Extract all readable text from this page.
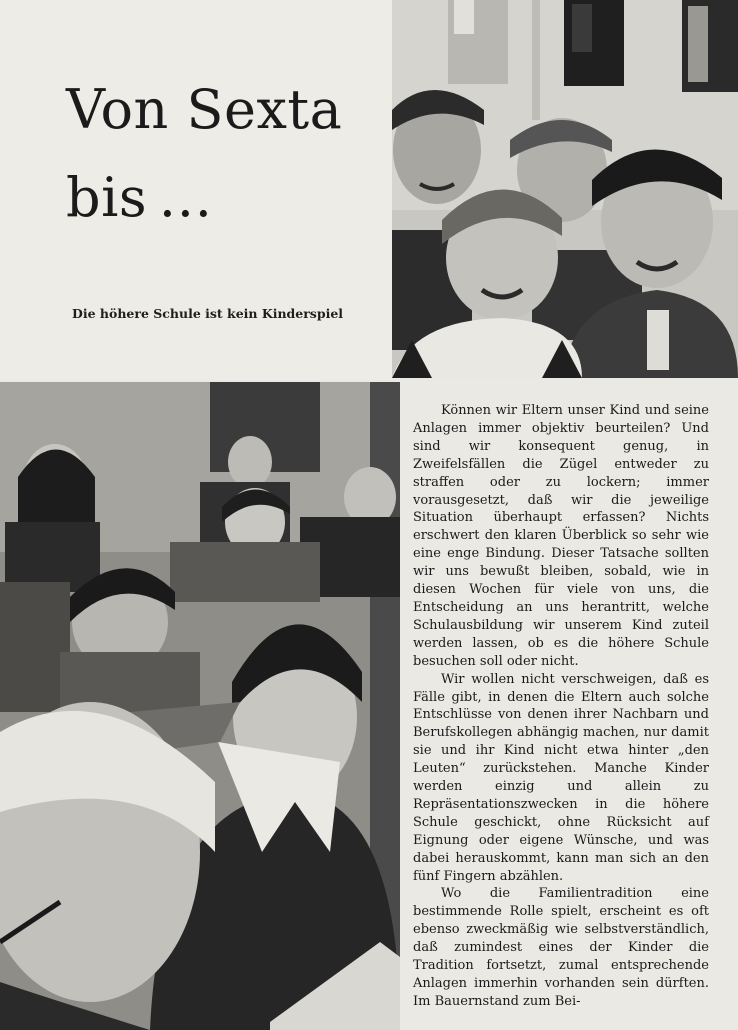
Von Sexta
bis …

Die höhere Schule ist kein Kinderspiel

Können wir Eltern unser Kind und seine Anlagen immer objektiv beurteilen? Und sind wir konsequent genug, in Zweifelsfällen die Zügel entweder zu straffen oder zu lockern; immer vorausgesetzt, daß wir die jeweilige Situation überhaupt erfassen? Nichts erschwert den klaren Überblick so sehr wie eine enge Bindung. Dieser Tatsache sollten wir uns bewußt bleiben, sobald, wie in diesen Wochen für viele von uns, die Entscheidung an uns herantritt, welche Schulausbildung wir unserem Kind zuteil werden lassen, ob es die höhere Schule besuchen soll oder nicht.

Wir wollen nicht verschweigen, daß es Fälle gibt, in denen die Eltern auch solche Entschlüsse von denen ihrer Nachbarn und Berufskollegen abhängig machen, nur damit sie und ihr Kind nicht etwa hinter „den Leuten“ zurückstehen. Manche Kinder werden einzig und allein zu Repräsentationszwecken in die höhere Schule geschickt, ohne Rücksicht auf Eignung oder eigene Wünsche, und was dabei herauskommt, kann man sich an den fünf Fingern abzählen.

Wo die Familientradition eine bestimmende Rolle spielt, erscheint es oft ebenso zweckmäßig wie selbstverständlich, daß zumindest eines der Kinder die Tradition fortsetzt, zumal entsprechende Anlagen immerhin vorhanden sein dürften. Im Bauernstand zum Bei-
